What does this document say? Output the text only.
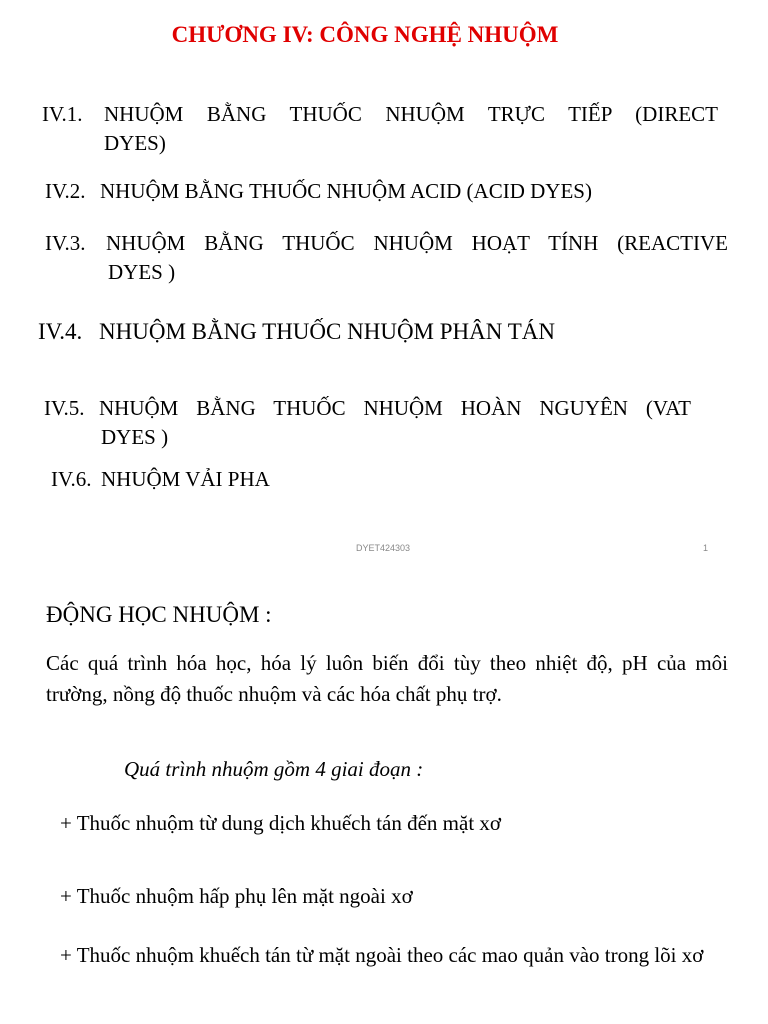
CHƯƠNG IV: CÔNG NGHỆ NHUỘM
IV.1. NHUỘM BẰNG THUỐC NHUỘM TRỰC TIẾP (DIRECT
DYES)
IV.2. NHUỘM BẰNG THUỐC NHUỘM ACID (ACID DYES)
IV.3. NHUỘM BẰNG THUỐC NHUỘM HOẠT TÍNH (REACTIVE
DYES )
IV.4. NHUỘM BẰNG THUỐC NHUỘM PHÂN TÁN
IV.5. NHUỘM BẰNG THUỐC NHUỘM HOÀN NGUYÊN (VAT
DYES )
IV.6. NHUỘM VẢI PHA
DYET424303	1
ĐỘNG HỌC NHUỘM :
Các quá trình hóa học, hóa lý luôn biến đổi tùy theo nhiệt độ, pH của môi trường, nồng độ thuốc nhuộm và các hóa chất phụ trợ.
Quá trình nhuộm gồm 4 giai đoạn :
+ Thuốc nhuộm từ dung dịch khuếch tán đến mặt xơ
+ Thuốc nhuộm hấp phụ lên mặt ngoài xơ
+ Thuốc nhuộm khuếch tán từ mặt ngoài theo các mao quản vào trong lõi xơ
